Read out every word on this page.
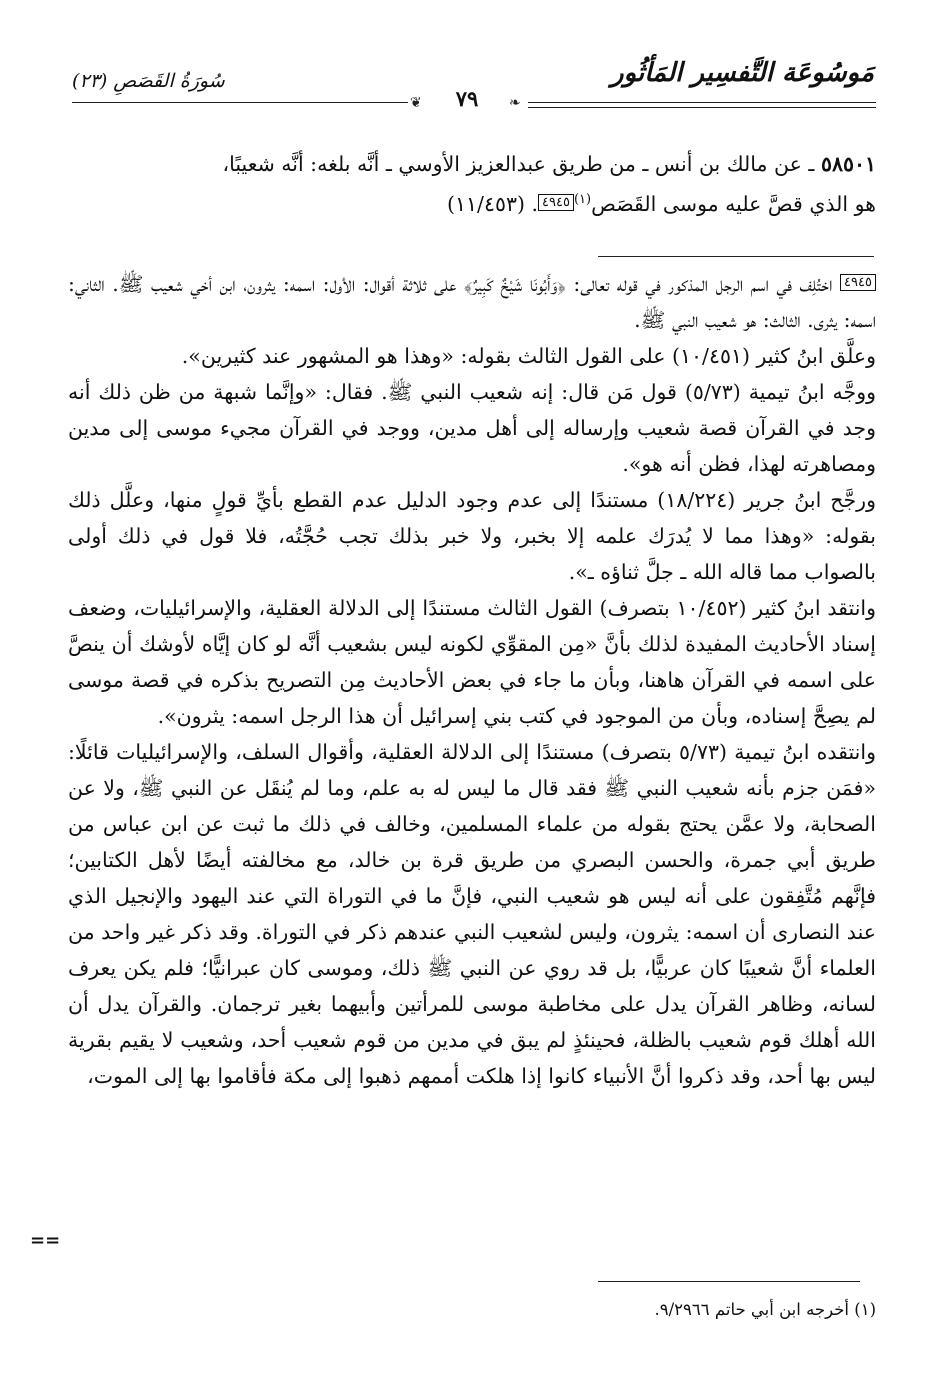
مَوسُوعَة التَّفسِير المَأثُور
سُورَةُ القَصَصِ (٢٣)
❦	٧٩	❧

٥٨٥٠١ ـ عن مالك بن أنس ـ من طريق عبدالعزيز الأوسي ـ أنَّه بلغه: أنَّه شعيبًا،

هو الذي قصَّ عليه موسى القَصَص$^{(١)}$٤٩٤٥. (١١/٤٥٣)

٤٩٤٥ اختُلِف في اسم الرجل المذكور في قوله تعالى: ﴿وَأَبُونَا شَيْخٌ كَبِيرٌ﴾ على ثلاثة أقوال: الأول: اسمه: يثرون، ابن أخي شعيب ﷺ. الثاني: اسمه: يثرى. الثالث: هو شعيب النبي ﷺ.

وعلَّق ابنُ كثير (١٠/٤٥١) على القول الثالث بقوله: «وهذا هو المشهور عند كثيرين».

ووجَّه ابنُ تيمية (٥/٧٣) قول مَن قال: إنه شعيب النبي ﷺ. فقال: «وإنَّما شبهة من ظن ذلك أنه وجد في القرآن قصة شعيب وإرساله إلى أهل مدين، ووجد في القرآن مجيء موسى إلى مدين ومصاهرته لهذا، فظن أنه هو».

ورجَّح ابنُ جرير (١٨/٢٢٤) مستندًا إلى عدم وجود الدليل عدم القطع بأيِّ قولٍ منها، وعلَّل ذلك بقوله: «وهذا مما لا يُدرَك علمه إلا بخبر، ولا خبر بذلك تجب حُجَّتُه، فلا قول في ذلك أولى بالصواب مما قاله الله ـ جلَّ ثناؤه ـ».

وانتقد ابنُ كثير (١٠/٤٥٢ بتصرف) القول الثالث مستندًا إلى الدلالة العقلية، والإسرائيليات، وضعف إسناد الأحاديث المفيدة لذلك بأنَّ «مِن المقوِّي لكونه ليس بشعيب أنَّه لو كان إيَّاه لأوشك أن ينصَّ على اسمه في القرآن هاهنا، وبأن ما جاء في بعض الأحاديث مِن التصريح بذكره في قصة موسى لم يصِحَّ إسناده، وبأن من الموجود في كتب بني إسرائيل أن هذا الرجل اسمه: يثرون».

وانتقده ابنُ تيمية (٥/٧٣ بتصرف) مستندًا إلى الدلالة العقلية، وأقوال السلف، والإسرائيليات قائلًا: «فمَن جزم بأنه شعيب النبي ﷺ فقد قال ما ليس له به علم، وما لم يُنقَل عن النبي ﷺ، ولا عن الصحابة، ولا عمَّن يحتج بقوله من علماء المسلمين، وخالف في ذلك ما ثبت عن ابن عباس من طريق أبي جمرة، والحسن البصري من طريق قرة بن خالد، مع مخالفته أيضًا لأهل الكتابين؛ فإنَّهم مُتَّفِقون على أنه ليس هو شعيب النبي، فإنَّ ما في التوراة التي عند اليهود والإنجيل الذي عند النصارى أن اسمه: يثرون، وليس لشعيب النبي عندهم ذكر في التوراة. وقد ذكر غير واحد من العلماء أنَّ شعيبًا كان عربيًّا، بل قد روي عن النبي ﷺ ذلك، وموسى كان عبرانيًّا؛ فلم يكن يعرف لسانه، وظاهر القرآن يدل على مخاطبة موسى للمرأتين وأبيهما بغير ترجمان. والقرآن يدل أن الله أهلك قوم شعيب بالظلة، فحينئذٍ لم يبق في مدين من قوم شعيب أحد، وشعيب لا يقيم بقرية ليس بها أحد، وقد ذكروا أنَّ الأنبياء كانوا إذا هلكت أممهم ذهبوا إلى مكة فأقاموا بها إلى الموت،

==
(١) أخرجه ابن أبي حاتم ٩/٢٩٦٦.
